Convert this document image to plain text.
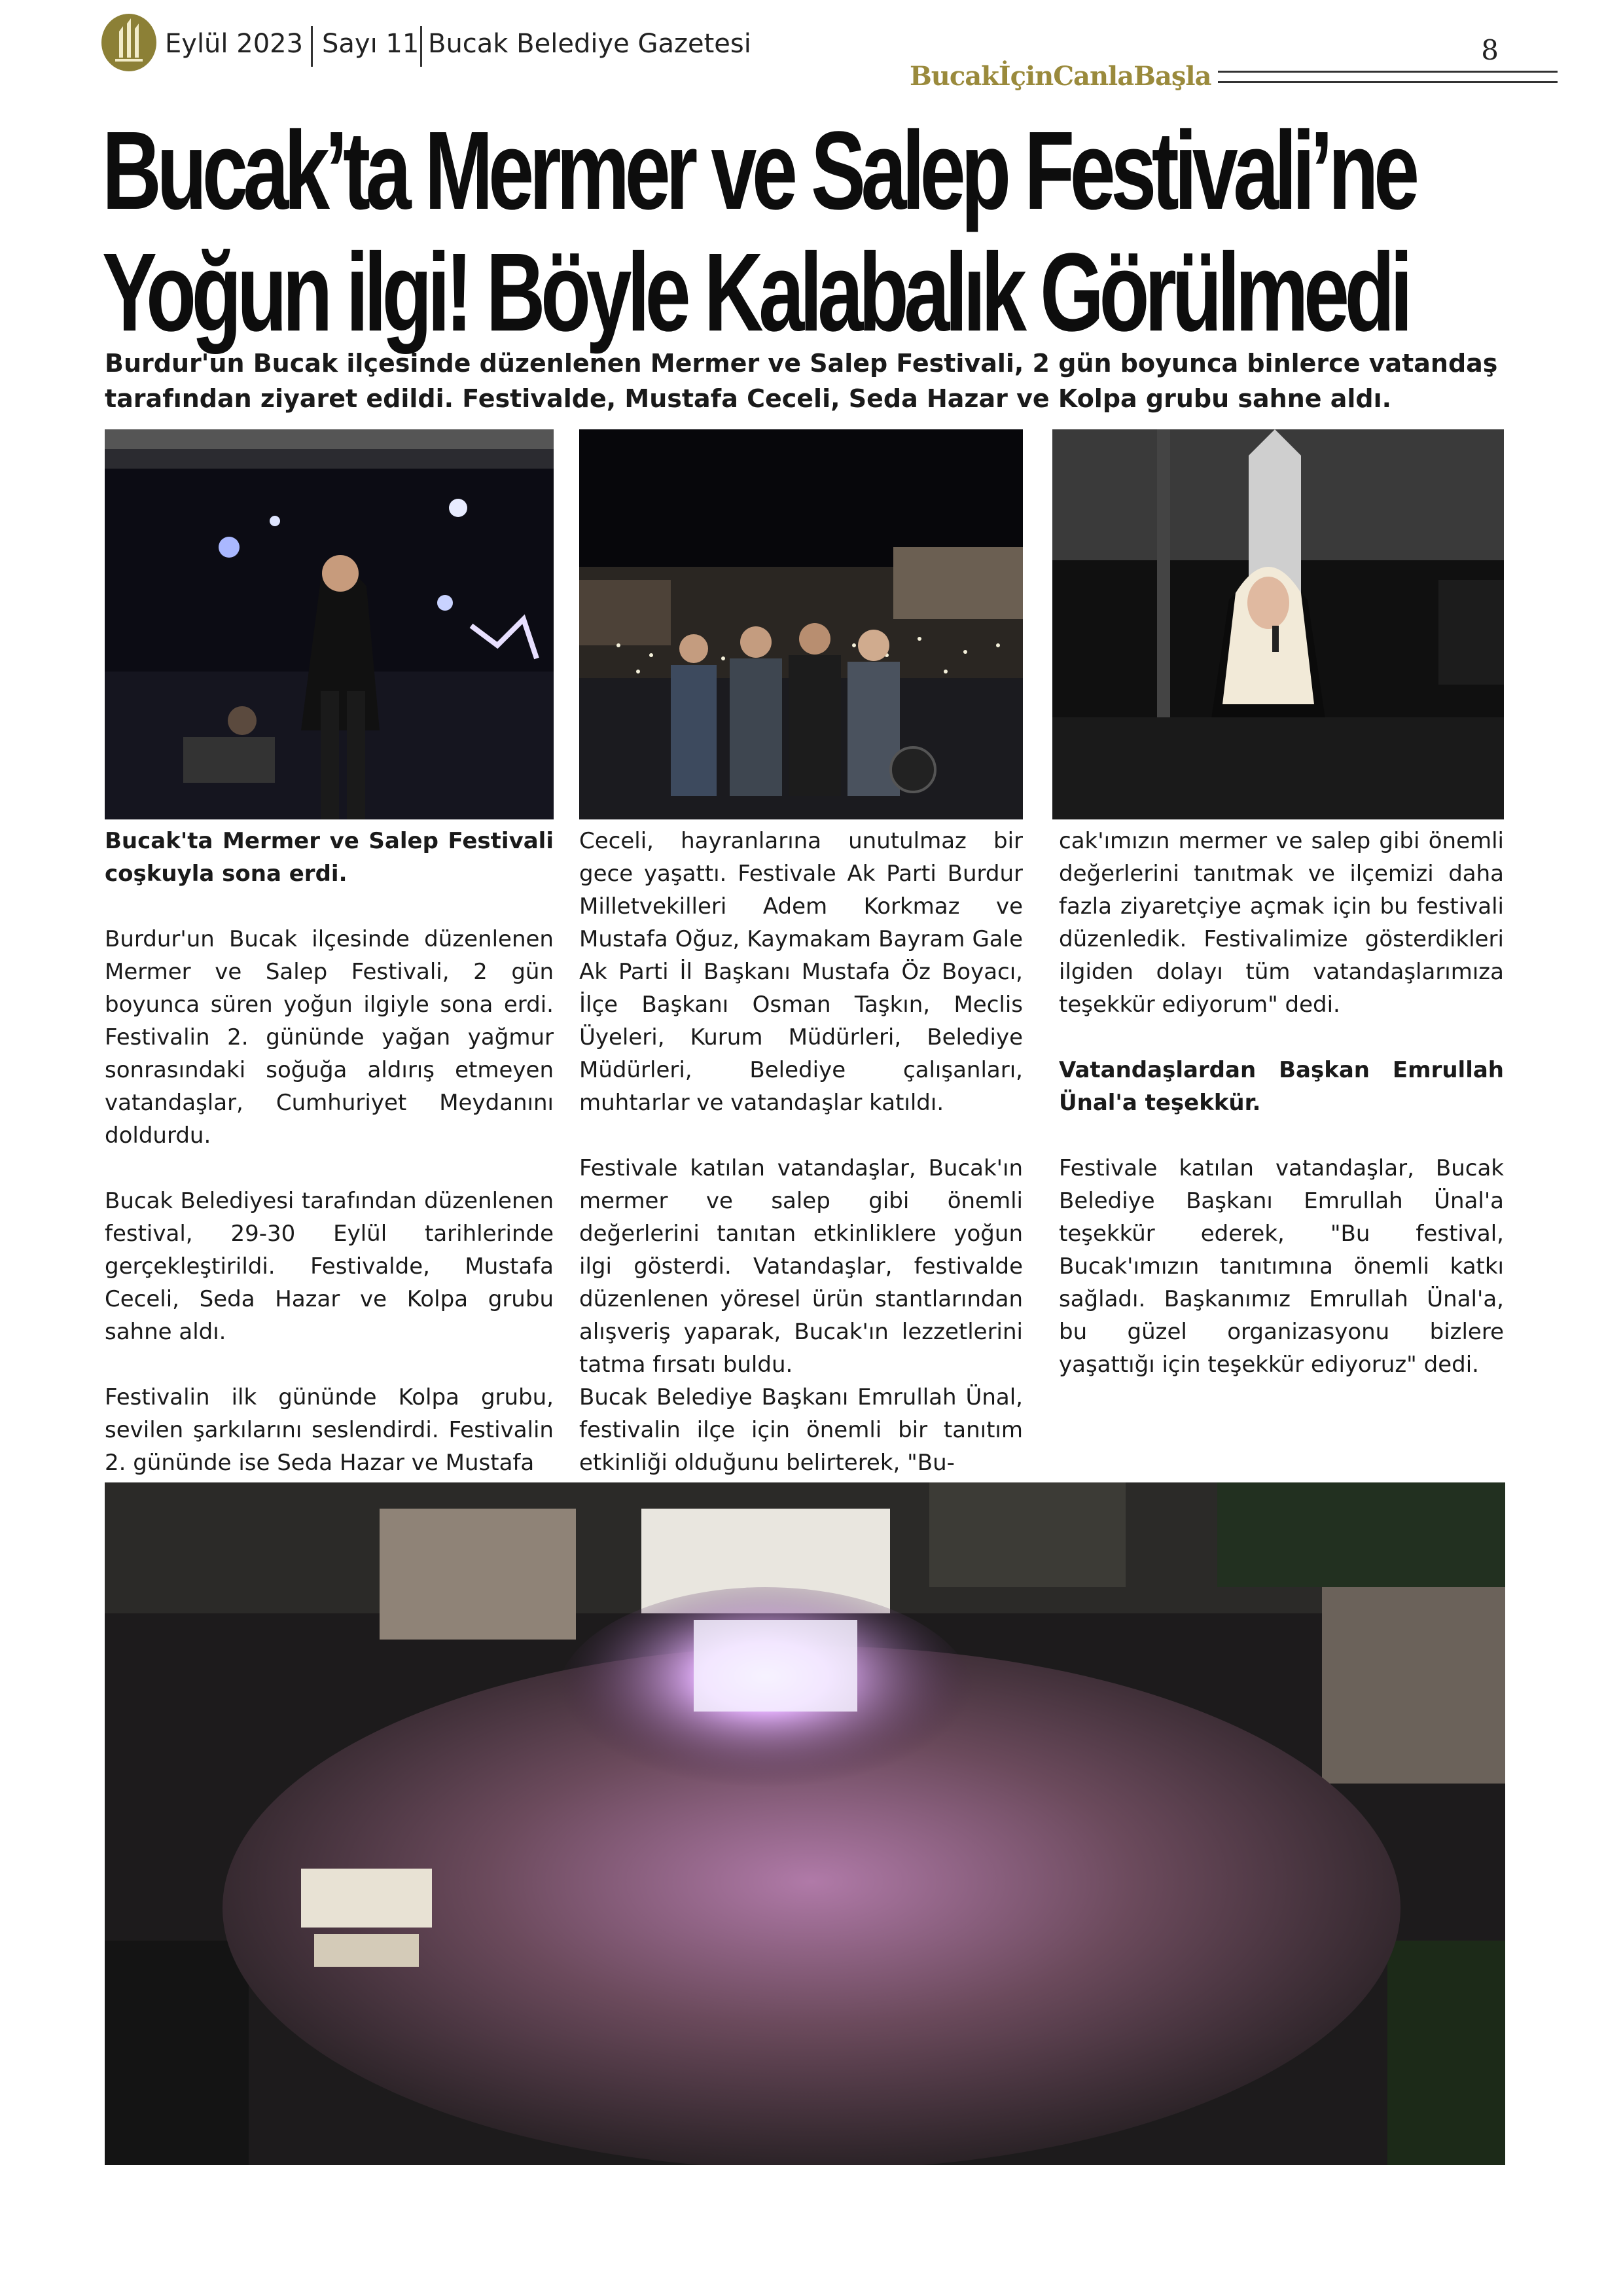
Eylül 2023 Sayı 11 Bucak Belediye Gazetesi	8
BucakİçinCanlaBaşla
Bucak’ta Mermer ve Salep Festivali’ne
Yoğun ilgi! Böyle Kalabalık Görülmedi
Burdur'un Bucak ilçesinde düzenlenen Mermer ve Salep Festivali, 2 gün boyunca binlerce vatandaş tarafından ziyaret edildi. Festivalde, Mustafa Ceceli, Seda Hazar ve Kolpa grubu sahne aldı.

Bucak'ta Mermer ve Salep Festivali coşkuyla sona erdi.

Burdur'un Bucak ilçesinde düzenlenen Mermer ve Salep Festivali, 2 gün boyunca süren yoğun ilgiyle sona erdi. Festivalin 2. gününde yağan yağmur sonrasındaki soğuğa aldırış etmeyen vatandaşlar, Cumhuriyet Meydanını doldurdu.

Bucak Belediyesi tarafından düzenlenen festival, 29-30 Eylül tarihlerinde gerçekleştirildi. Festivalde, Mustafa Ceceli, Seda Hazar ve Kolpa grubu sahne aldı.

Festivalin ilk gününde Kolpa grubu, sevilen şarkılarını seslendirdi. Festivalin 2. gününde ise Seda Hazar ve Mustafa

Ceceli, hayranlarına unutulmaz bir gece yaşattı. Festivale Ak Parti Burdur Milletvekilleri Adem Korkmaz ve Mustafa Oğuz, Kaymakam Bayram Gale Ak Parti İl Başkanı Mustafa Öz Boyacı, İlçe Başkanı Osman Taşkın, Meclis Üyeleri, Kurum Müdürleri, Belediye Müdürleri, Belediye çalışanları, muhtarlar ve vatandaşlar katıldı.

Festivale katılan vatandaşlar, Bucak'ın mermer ve salep gibi önemli değerlerini tanıtan etkinliklere yoğun ilgi gösterdi. Vatandaşlar, festivalde düzenlenen yöresel ürün stantlarından alışveriş yaparak, Bucak'ın lezzetlerini tatma fırsatı buldu.

Bucak Belediye Başkanı Emrullah Ünal, festivalin ilçe için önemli bir tanıtım etkinliği olduğunu belirterek, "Bu-

cak'ımızın mermer ve salep gibi önemli değerlerini tanıtmak ve ilçemizi daha fazla ziyaretçiye açmak için bu festivali düzenledik. Festivalimize gösterdikleri ilgiden dolayı tüm vatandaşlarımıza teşekkür ediyorum" dedi.

Vatandaşlardan Başkan Emrullah Ünal'a teşekkür.

Festivale katılan vatandaşlar, Bucak Belediye Başkanı Emrullah Ünal'a teşekkür ederek, "Bu festival, Bucak'ımızın tanıtımına önemli katkı sağladı. Başkanımız Emrullah Ünal'a, bu güzel organizasyonu bizlere yaşattığı için teşekkür ediyoruz" dedi.
